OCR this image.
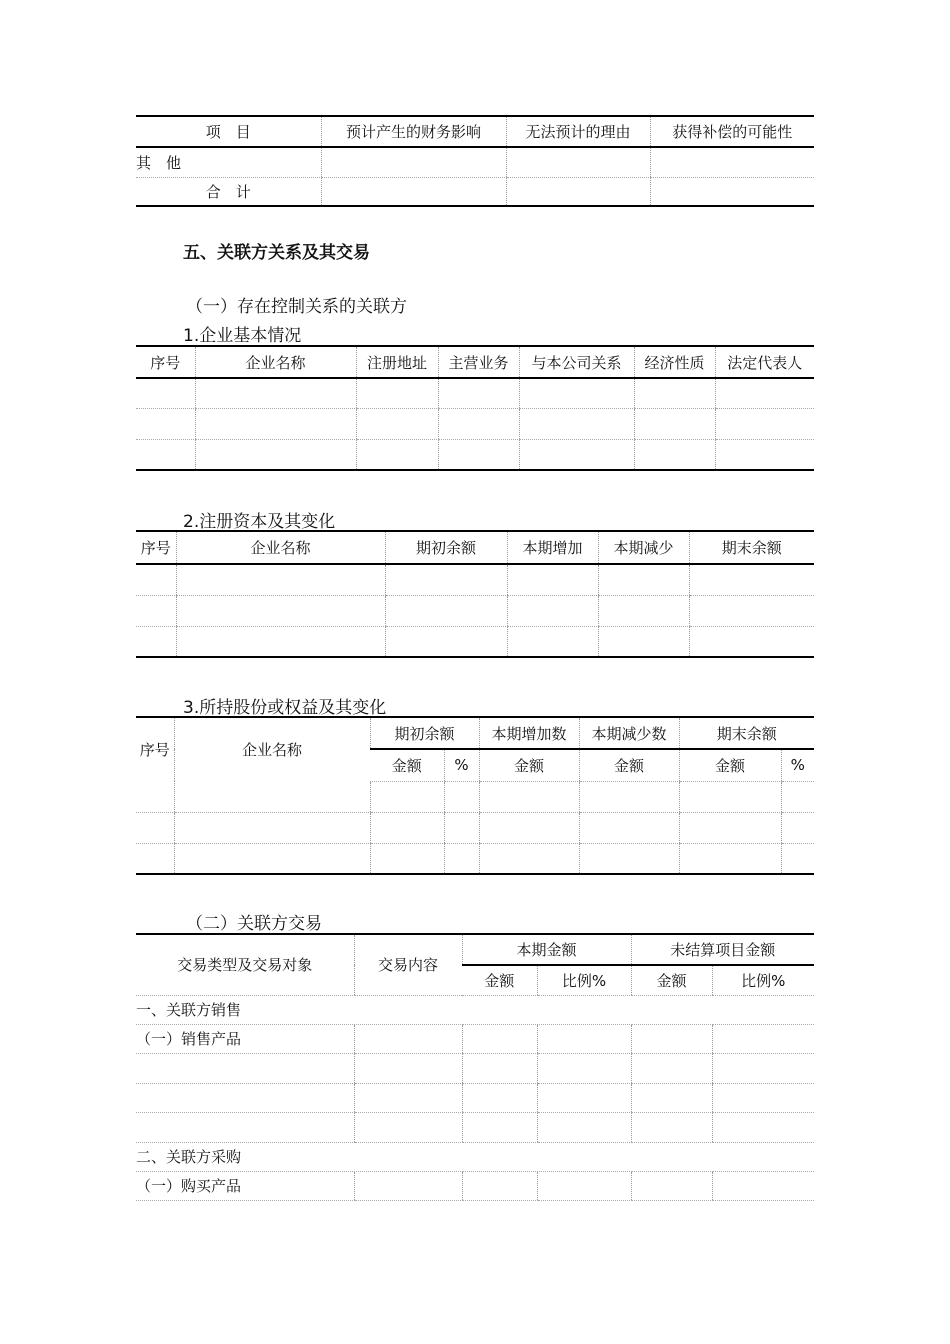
项　目	预计产生的财务影响	无法预计的理由	获得补偿的可能性
其　他			
合　计			
五、关联方关系及其交易
（一）存在控制关系的关联方
1.企业基本情况
序号	企业名称	注册地址	主营业务	与本公司关系	经济性质	法定代表人

2.注册资本及其变化
序号	企业名称	期初余额	本期增加	本期减少	期末余额

3.所持股份或权益及其变化
序号	企业名称	期初余额		本期增加数	本期减少数	期末余额	
		金额	%	金额	金额	金额	%

（二）关联方交易
交易类型及交易对象	交易内容	本期金额		未结算项目金额	
		金额	比例%	金额	比例%
一、关联方销售					
（一）销售产品					

二、关联方采购					
（一）购买产品					
